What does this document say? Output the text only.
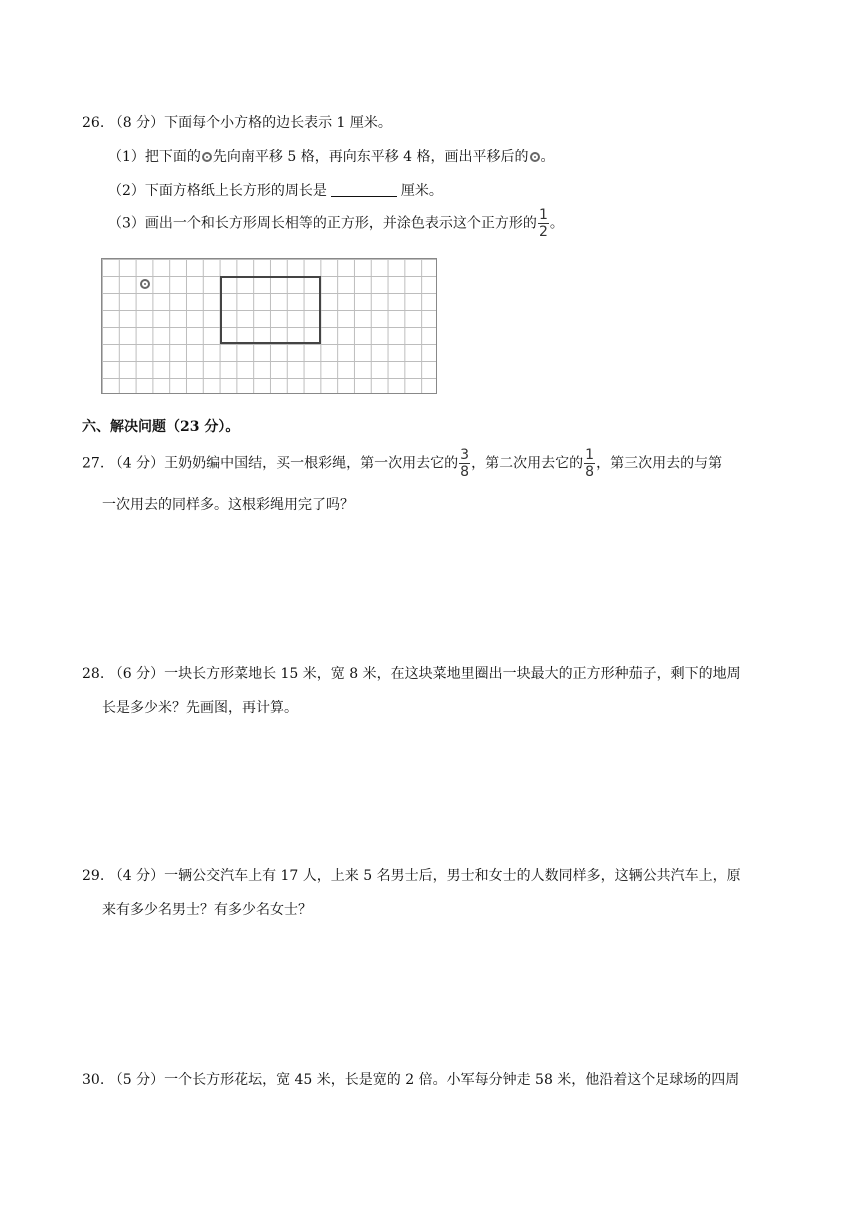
26. （8 分）下面每个小方格的边长表示 1 厘米。
（1）把下面的 先向南平移 5 格，再向东平移 4 格，画出平移后的 。
（2）下面方格纸上长方形的周长是	厘米。
（3）画出一个和长方形周长相等的正方形，并涂色表示这个正方形的 $\frac{1}{2}$ 。
六、解决问题（23 分）。
27. （4 分）王奶奶编中国结，买一根彩绳，第一次用去它的 $\frac{3}{8}$ ，第二次用去它的 $\frac{1}{8}$ ，第三次用去的与第
一次用去的同样多。这根彩绳用完了吗？
28. （6 分）一块长方形菜地长 15 米，宽 8 米，在这块菜地里圈出一块最大的正方形种茄子，剩下的地周
长是多少米？先画图，再计算。
29. （4 分）一辆公交汽车上有 17 人，上来 5 名男士后，男士和女士的人数同样多，这辆公共汽车上，原
来有多少名男士？有多少名女士？
30. （5 分）一个长方形花坛，宽 45 米，长是宽的 2 倍。小军每分钟走 58 米，他沿着这个足球场的四周
